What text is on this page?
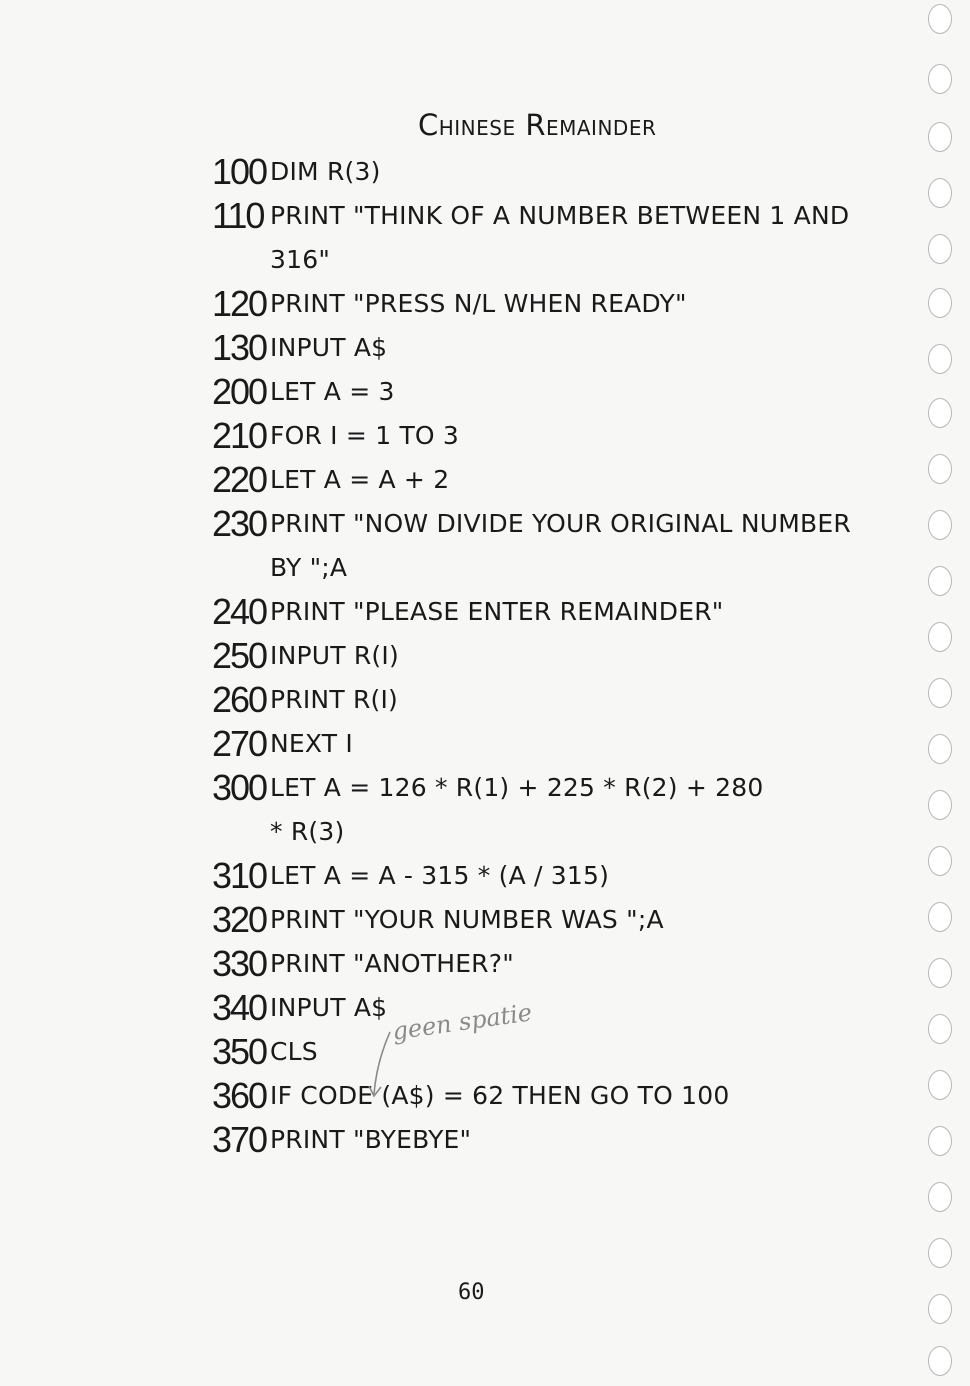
Chinese Remainder
100 DIM R(3)
110 PRINT "THINK OF A NUMBER BETWEEN 1 AND
316"
120 PRINT "PRESS N/L WHEN READY"
130 INPUT A$
200 LET A = 3
210 FOR I = 1 TO 3
220 LET A = A + 2
230 PRINT "NOW DIVIDE YOUR ORIGINAL NUMBER
BY ";A
240 PRINT "PLEASE ENTER REMAINDER"
250 INPUT R(I)
260 PRINT R(I)
270 NEXT I
300 LET A = 126 * R(1) + 225 * R(2) + 280
* R(3)
310 LET A = A - 315 * (A / 315)
320 PRINT "YOUR NUMBER WAS ";A
330 PRINT "ANOTHER?"
340 INPUT A$
350 CLS
360 IF CODE (A$) = 62 THEN GO TO 100
370 PRINT "BYEBYE"
geen spatie
60
